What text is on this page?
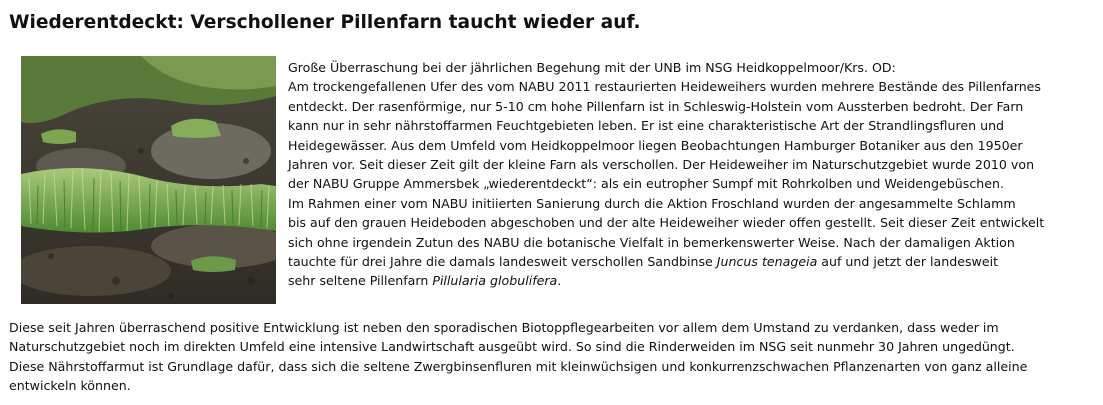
Wiederentdeckt: Verschollener Pillenfarn taucht wieder auf.
Große Überraschung bei der jährlichen Begehung mit der UNB im NSG Heidkoppelmoor/Krs. OD:
Am trockengefallenen Ufer des vom NABU 2011 restaurierten Heideweihers wurden mehrere Bestände des Pillenfarnes
entdeckt. Der rasenförmige, nur 5-10 cm hohe Pillenfarn ist in Schleswig-Holstein vom Aussterben bedroht. Der Farn
kann nur in sehr nährstoffarmen Feuchtgebieten leben. Er ist eine charakteristische Art der Strandlingsfluren und
Heidegewässer. Aus dem Umfeld vom Heidkoppelmoor liegen Beobachtungen Hamburger Botaniker aus den 1950er
Jahren vor. Seit dieser Zeit gilt der kleine Farn als verschollen. Der Heideweiher im Naturschutzgebiet wurde 2010 von
der NABU Gruppe Ammersbek „wiederentdeckt“: als ein eutropher Sumpf mit Rohrkolben und Weidengebüschen.
Im Rahmen einer vom NABU initiierten Sanierung durch die Aktion Froschland wurden der angesammelte Schlamm
bis auf den grauen Heideboden abgeschoben und der alte Heideweiher wieder offen gestellt. Seit dieser Zeit entwickelt
sich ohne irgendein Zutun des NABU die botanische Vielfalt in bemerkenswerter Weise. Nach der damaligen Aktion
tauchte für drei Jahre die damals landesweit verschollen Sandbinse Juncus tenageia auf und jetzt der landesweit
sehr seltene Pillenfarn Pillularia globulifera.
Diese seit Jahren überraschend positive Entwicklung ist neben den sporadischen Biotoppflegearbeiten vor allem dem Umstand zu verdanken, dass weder im
Naturschutzgebiet noch im direkten Umfeld eine intensive Landwirtschaft ausgeübt wird. So sind die Rinderweiden im NSG seit nunmehr 30 Jahren ungedüngt.
Diese Nährstoffarmut ist Grundlage dafür, dass sich die seltene Zwergbinsenfluren mit kleinwüchsigen und konkurrenzschwachen Pflanzenarten von ganz alleine
entwickeln können.
